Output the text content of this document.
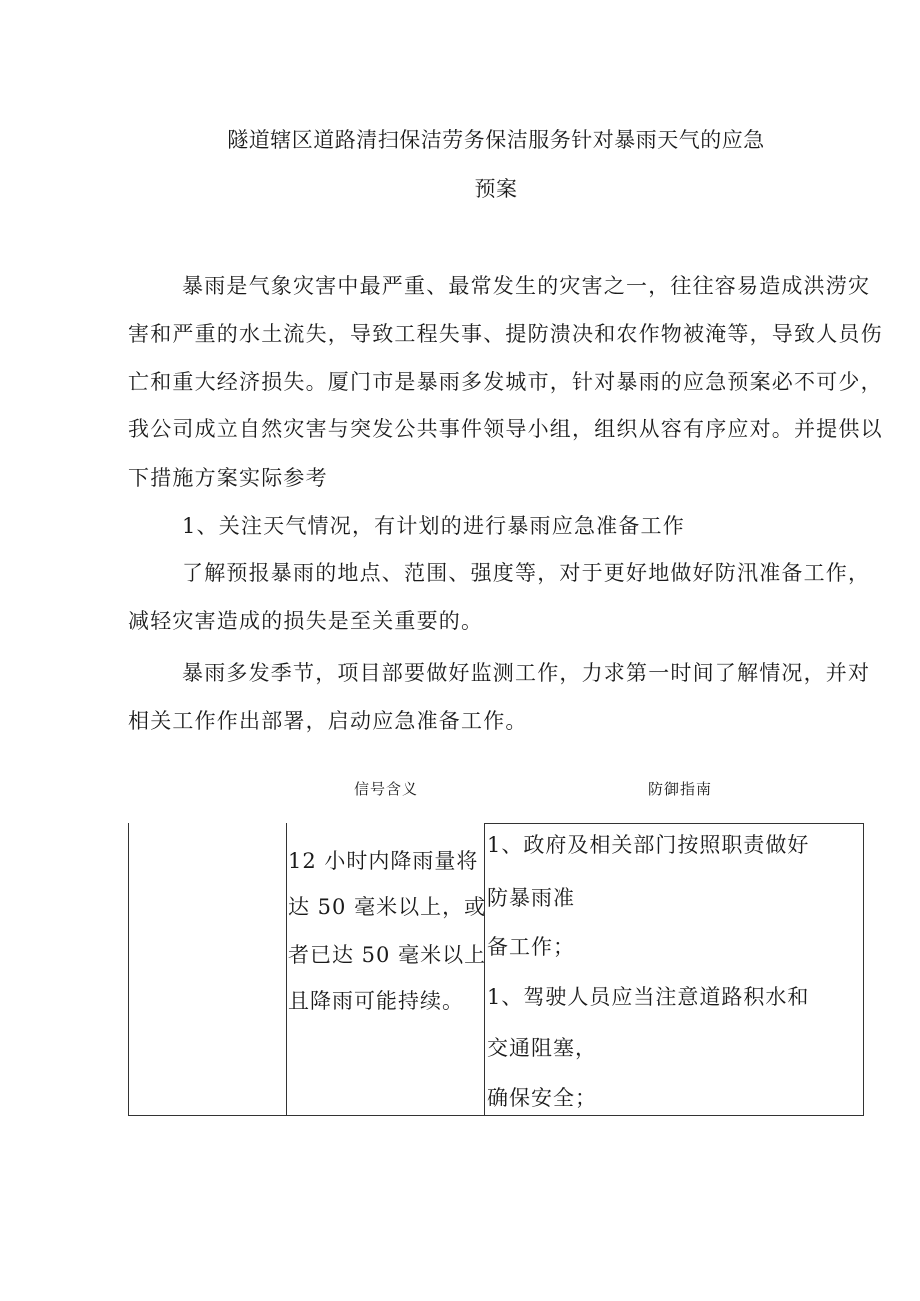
隧道辖区道路清扫保洁劳务保洁服务针对暴雨天气的应急
预案
暴雨是气象灾害中最严重、最常发生的灾害之一，往往容易造成洪涝灾
害和严重的水土流失，导致工程失事、提防溃决和农作物被淹等，导致人员伤
亡和重大经济损失。厦门市是暴雨多发城市，针对暴雨的应急预案必不可少，
我公司成立自然灾害与突发公共事件领导小组，组织从容有序应对。并提供以
下措施方案实际参考
1、关注天气情况，有计划的进行暴雨应急准备工作
了解预报暴雨的地点、范围、强度等，对于更好地做好防汛准备工作，
减轻灾害造成的损失是至关重要的。
暴雨多发季节，项目部要做好监测工作，力求第一时间了解情况，并对
相关工作作出部署，启动应急准备工作。
信号含义	防御指南
12 小时内降雨量将
达 50 毫米以上，或
者已达 50 毫米以上
且降雨可能持续。
1、政府及相关部门按照职责做好
防暴雨准
备工作；
1、驾驶人员应当注意道路积水和
交通阻塞，
确保安全；
